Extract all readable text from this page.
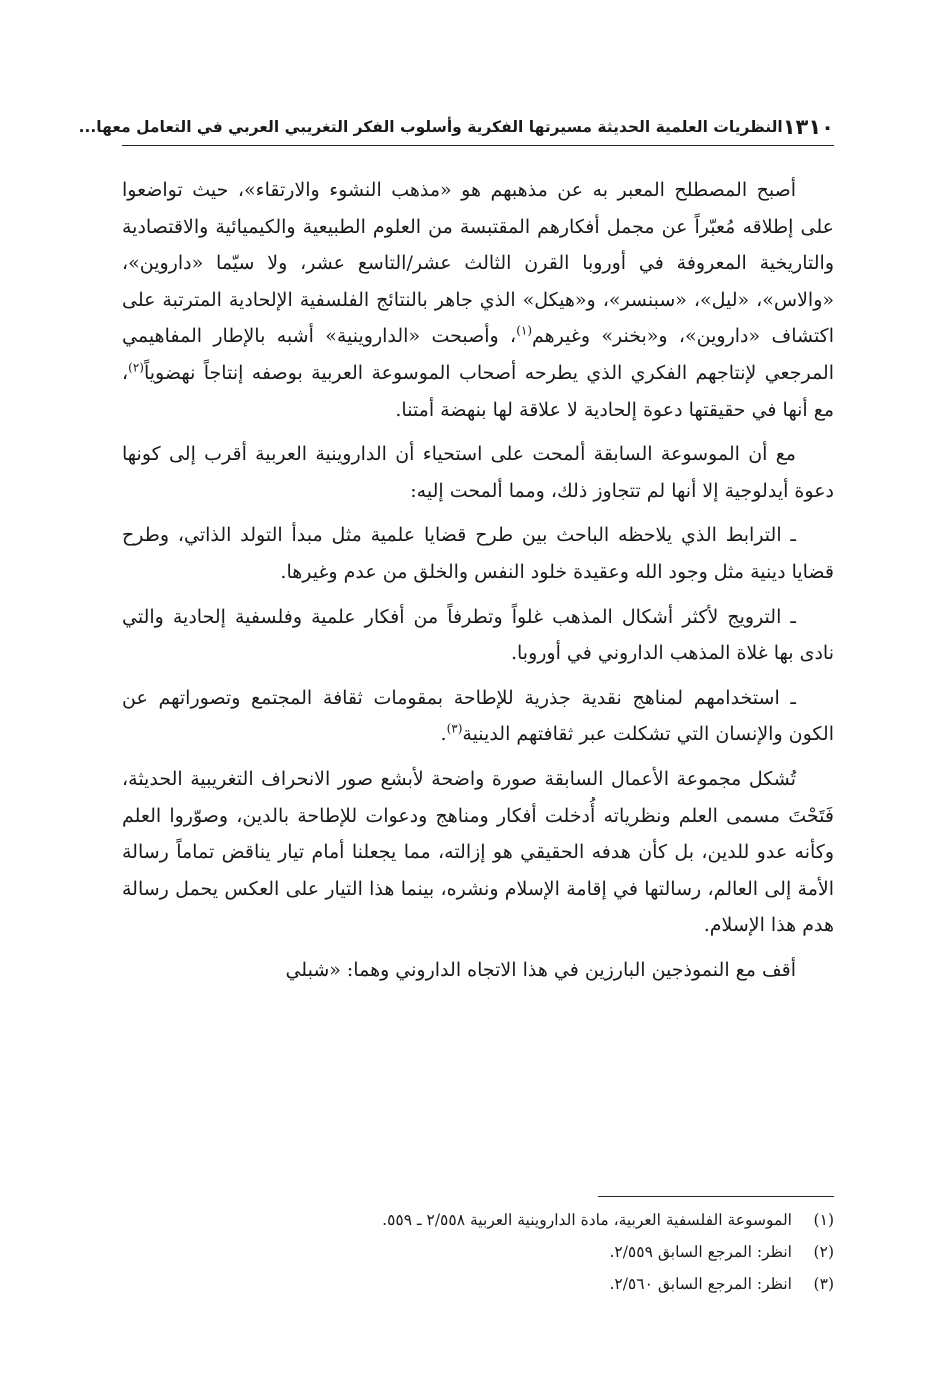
١٣١٠
النظريات العلمية الحديثة مسيرتها الفكرية وأسلوب الفكر التغريبي العربي في التعامل معها...

أصبح المصطلح المعبر به عن مذهبهم هو «مذهب النشوء والارتقاء»، حيث تواضعوا على إطلاقه مُعبّراً عن مجمل أفكارهم المقتبسة من العلوم الطبيعية والكيميائية والاقتصادية والتاريخية المعروفة في أوروبا القرن الثالث عشر/التاسع عشر، ولا سيّما «داروين»، «والاس»، «ليل»، «سبنسر»، و«هيكل» الذي جاهر بالنتائج الفلسفية الإلحادية المترتبة على اكتشاف «داروين»، و«بخنر» وغيرهم$^{(١)}$، وأصبحت «الداروينية» أشبه بالإطار المفاهيمي المرجعي لإنتاجهم الفكري الذي يطرحه أصحاب الموسوعة العربية بوصفه إنتاجاً نهضوياً$^{(٢)}$، مع أنها في حقيقتها دعوة إلحادية لا علاقة لها بنهضة أمتنا.

مع أن الموسوعة السابقة ألمحت على استحياء أن الداروينية العربية أقرب إلى كونها دعوة أيدلوجية إلا أنها لم تتجاوز ذلك، ومما ألمحت إليه:

ـ الترابط الذي يلاحظه الباحث بين طرح قضايا علمية مثل مبدأ التولد الذاتي، وطرح قضايا دينية مثل وجود الله وعقيدة خلود النفس والخلق من عدم وغيرها.

ـ الترويج لأكثر أشكال المذهب غلواً وتطرفاً من أفكار علمية وفلسفية إلحادية والتي نادى بها غلاة المذهب الداروني في أوروبا.

ـ استخدامهم لمناهج نقدية جذرية للإطاحة بمقومات ثقافة المجتمع وتصوراتهم عن الكون والإنسان التي تشكلت عبر ثقافتهم الدينية$^{(٣)}$.

تُشكل مجموعة الأعمال السابقة صورة واضحة لأبشع صور الانحراف التغريبية الحديثة، فَتَحْتَ مسمى العلم ونظرياته أُدخلت أفكار ومناهج ودعوات للإطاحة بالدين، وصوّروا العلم وكأنه عدو للدين، بل كأن هدفه الحقيقي هو إزالته، مما يجعلنا أمام تيار يناقض تماماً رسالة الأمة إلى العالم، رسالتها في إقامة الإسلام ونشره، بينما هذا التيار على العكس يحمل رسالة هدم هذا الإسلام.

أقف مع النموذجين البارزين في هذا الاتجاه الداروني وهما: «شبلي

(١)
الموسوعة الفلسفية العربية، مادة الداروينية العربية ٢/٥٥٨ ـ ٥٥٩.
(٢)
انظر: المرجع السابق ٢/٥٥٩.
(٣)
انظر: المرجع السابق ٢/٥٦٠.
